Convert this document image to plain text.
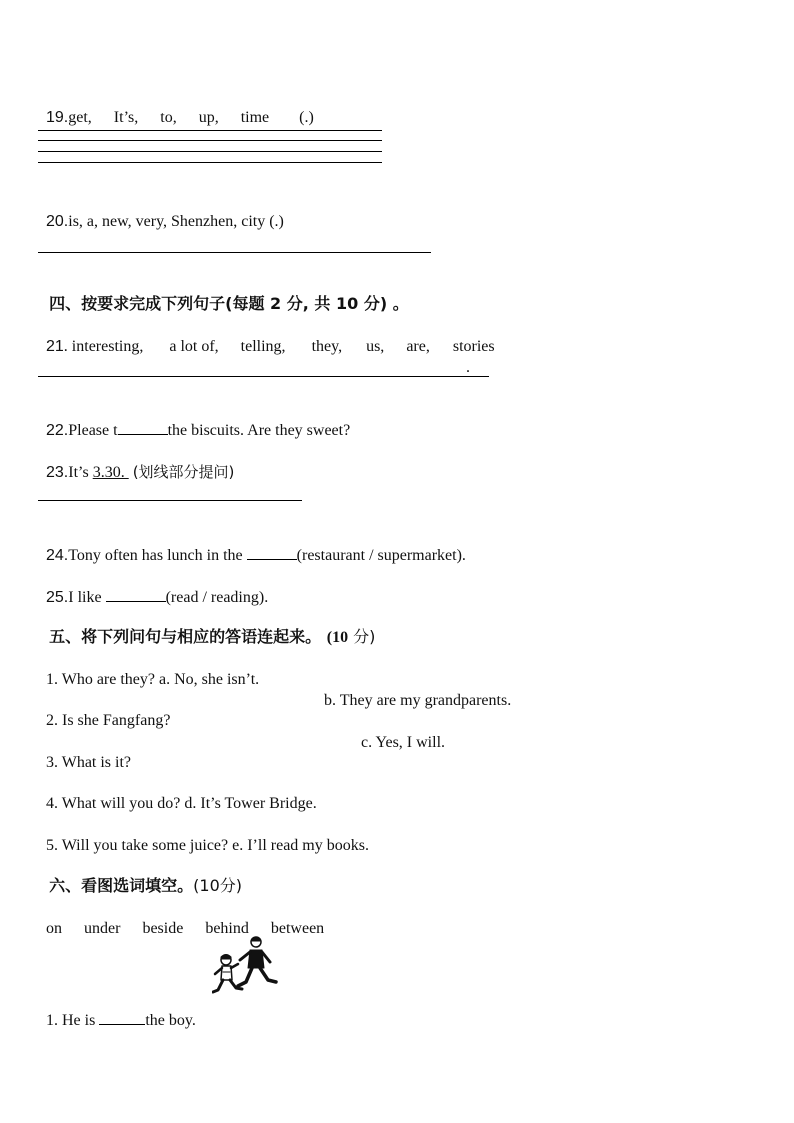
19.get, It’s, to, up, time (.)

20.is, a, new, very, Shenzhen, city (.)

四、按要求完成下列句子(每题 2 分, 共 10 分) 。

21. interesting, a lot of, telling, they, us, are, stories

.

22.Please t	the biscuits. Are they sweet?

23.It’s 3.30.  (划线部分提问)

24.Tony often has lunch in the	(restaurant / supermarket).

25.I like	(read / reading).

五、将下列问句与相应的答语连起来。 (10 分)

1. Who are they? a. No, she isn’t.

2. Is she Fangfang?

b. They are my grandparents.

3. What is it?

c. Yes, I will.

4. What will you do? d. It’s Tower Bridge.

5. Will you take some juice? e. I’ll read my books.

六、看图选词填空。(10分)

on under beside behind between

1. He is	the boy.
